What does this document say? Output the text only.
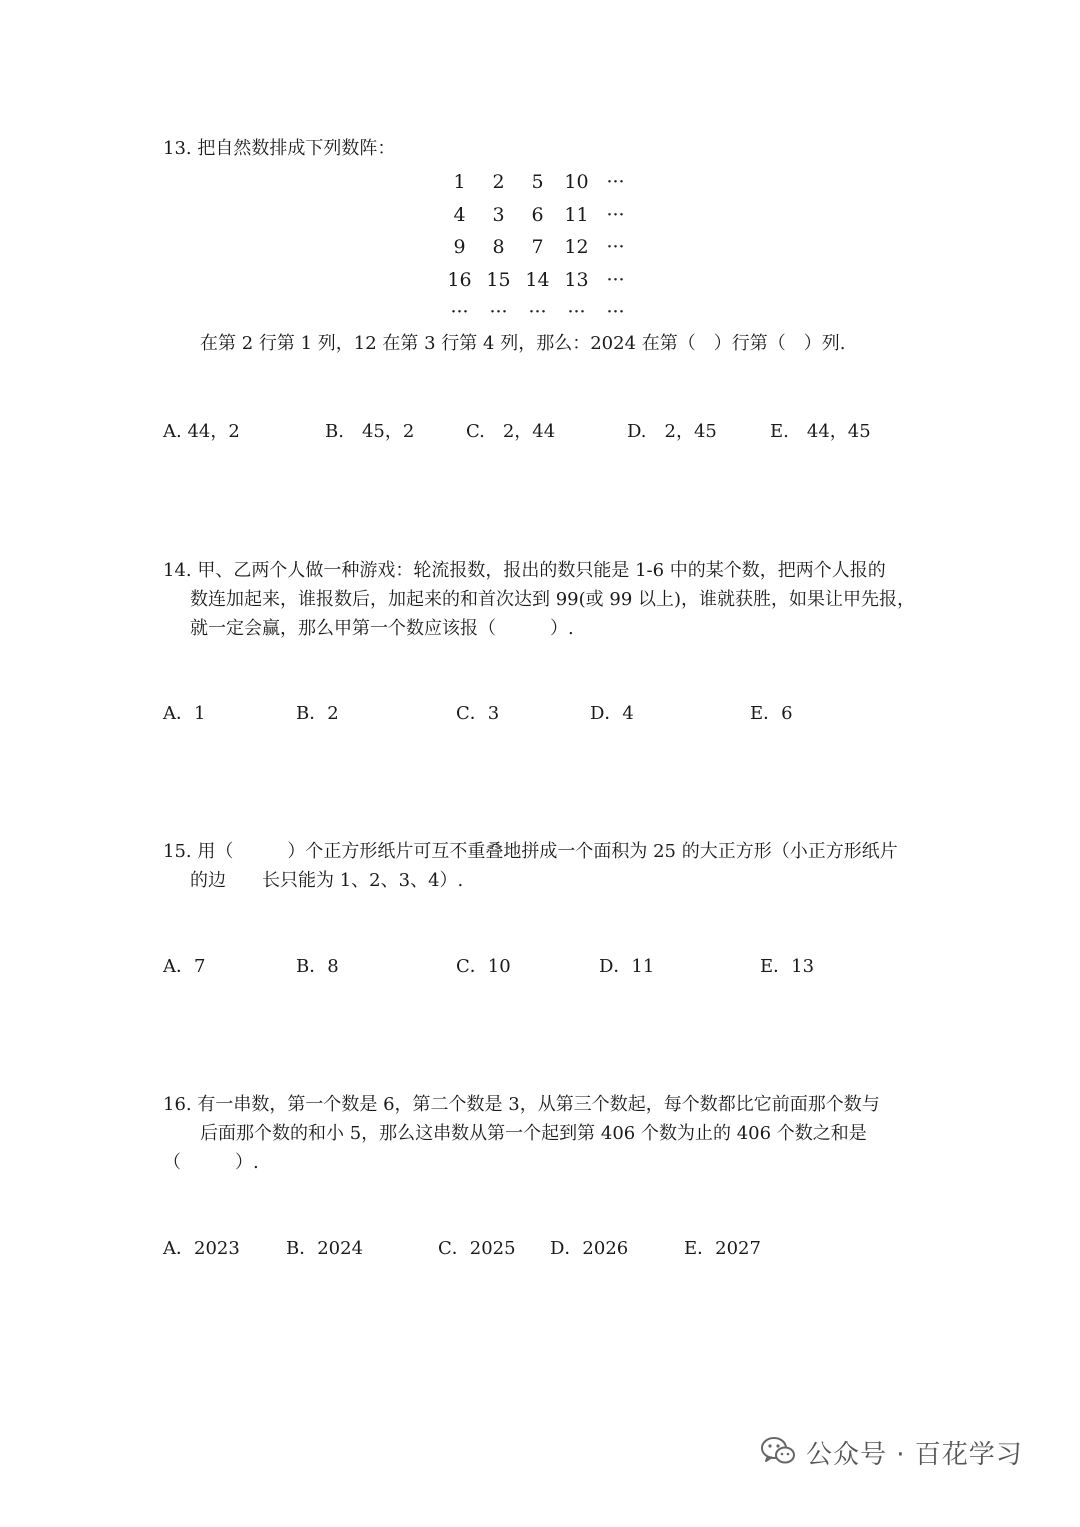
13. 把自然数排成下列数阵：
1	2	5	10 ···
4	3	6	11 ···
9	8	7	12 ···
16 15 14 13 ···
···	···	···	···	···
在第 2 行第 1 列，12 在第 3 行第 4 列，那么：2024 在第（　）行第（　）列.
A. 44，2	B.　45，2	C.　2，44	D.　2，45	E.　44，45
14. 甲、乙两个人做一种游戏：轮流报数，报出的数只能是 1-6 中的某个数，把两个人报的
数连加起来，谁报数后，加起来的和首次达到 99(或 99 以上)，谁就获胜，如果让甲先报，
就一定会赢，那么甲第一个数应该报（　　　）.
A．1	B．2	C．3	D．4	E．6
15. 用（　　　）个正方形纸片可互不重叠地拼成一个面积为 25 的大正方形（小正方形纸片
的边　　长只能为 1、2、3、4）.
A．7	B．8	C．10	D．11	E．13
16. 有一串数，第一个数是 6，第二个数是 3，从第三个数起，每个数都比它前面那个数与
后面那个数的和小 5，那么这串数从第一个起到第 406 个数为止的 406 个数之和是
（　　　）.
A．2023	B．2024	C．2025 D．2026	E．2027
公众号 · 百花学习
